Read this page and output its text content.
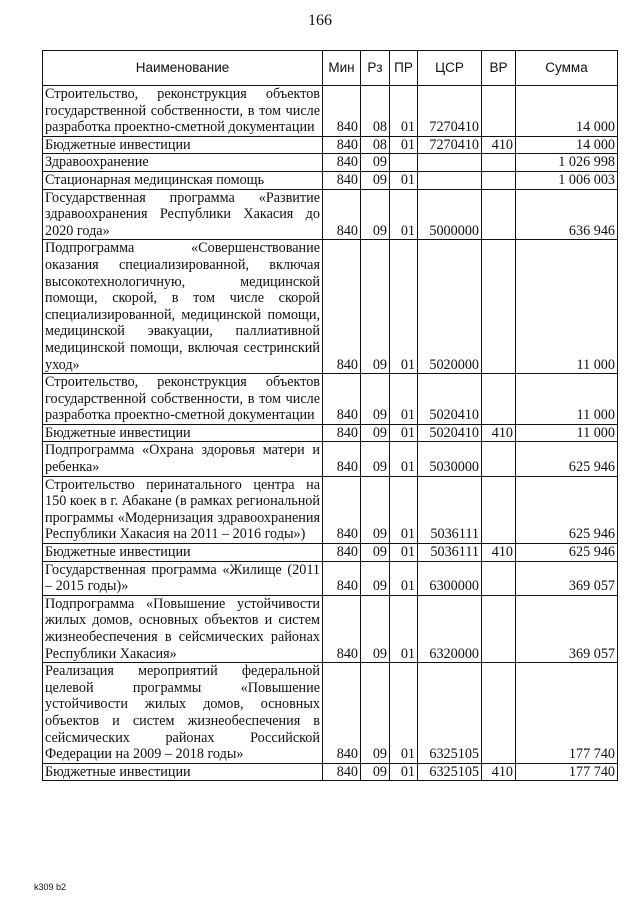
166
Наименование	Мин	Рз	ПР	ЦСР	ВР	Сумма
Строительство, реконструкция объектов государственной собственности, в том числе разработка проектно-сметной документации	840	08	01	7270410		14 000
Бюджетные инвестиции	840	08	01	7270410	410	14 000
Здравоохранение	840	09				1 026 998
Стационарная медицинская помощь	840	09	01			1 006 003
Государственная программа «Развитие здравоохранения Республики Хакасия до 2020 года»	840	09	01	5000000		636 946
Подпрограмма «Совершенствование оказания специализированной, включая высокотехнологичную, медицинской помощи, скорой, в том числе скорой специализированной, медицинской помощи, медицинской эвакуации, паллиативной медицинской помощи, включая сестринский уход»	840	09	01	5020000		11 000
Строительство, реконструкция объектов государственной собственности, в том числе разработка проектно-сметной документации	840	09	01	5020410		11 000
Бюджетные инвестиции	840	09	01	5020410	410	11 000
Подпрограмма «Охрана здоровья матери и ребенка»	840	09	01	5030000		625 946
Строительство перинатального центра на 150 коек в г. Абакане (в рамках региональной программы «Модернизация здравоохранения Республики Хакасия на 2011 – 2016 годы»)	840	09	01	5036111		625 946
Бюджетные инвестиции	840	09	01	5036111	410	625 946
Государственная программа «Жилище (2011 – 2015 годы)»	840	09	01	6300000		369 057
Подпрограмма «Повышение устойчивости жилых домов, основных объектов и систем жизнеобеспечения в сейсмических районах Республики Хакасия»	840	09	01	6320000		369 057
Реализация мероприятий федеральной целевой программы «Повышение устойчивости жилых домов, основных объектов и систем жизнеобеспечения в сейсмических районах Российской Федерации на 2009 – 2018 годы»	840	09	01	6325105		177 740
Бюджетные инвестиции	840	09	01	6325105	410	177 740
k309 b2
